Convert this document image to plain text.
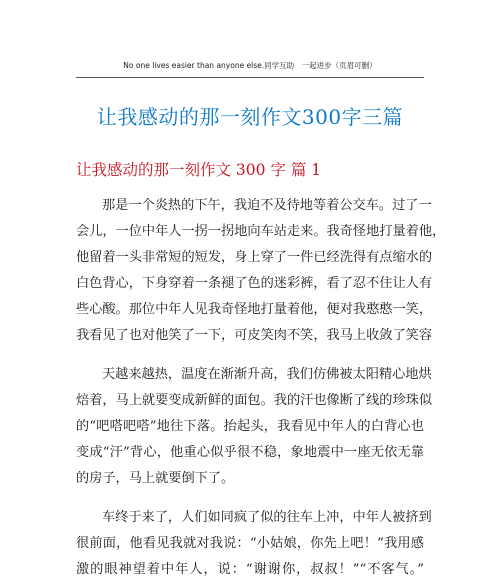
No one lives easier than anyone else.同学互助　一起进步（页眉可删）
让我感动的那一刻作文300字三篇
让我感动的那一刻作文 300 字 篇 1
那是一个炎热的下午，我迫不及待地等着公交车。过了一
会儿，一位中年人一拐一拐地向车站走来。我奇怪地打量着他，
他留着一头非常短的短发，身上穿了一件已经洗得有点缩水的
白色背心，下身穿着一条褪了色的迷彩裤，看了忍不住让人有
些心酸。那位中年人见我奇怪地打量着他，便对我憨憨一笑，
我看见了也对他笑了一下，可皮笑肉不笑，我马上收敛了笑容
天越来越热，温度在渐渐升高，我们仿佛被太阳精心地烘
焙着，马上就要变成新鲜的面包。我的汗也像断了线的珍珠似
的“吧嗒吧嗒”地往下落。抬起头，我看见中年人的白背心也
变成“汗”背心，他重心似乎很不稳，象地震中一座无依无靠
的房子，马上就要倒下了。
车终于来了，人们如同疯了似的往车上冲，中年人被挤到
很前面，他看见我就对我说：“小姑娘，你先上吧！”我用感
激的眼神望着中年人，说：“谢谢你，叔叔！”“不客气。”
